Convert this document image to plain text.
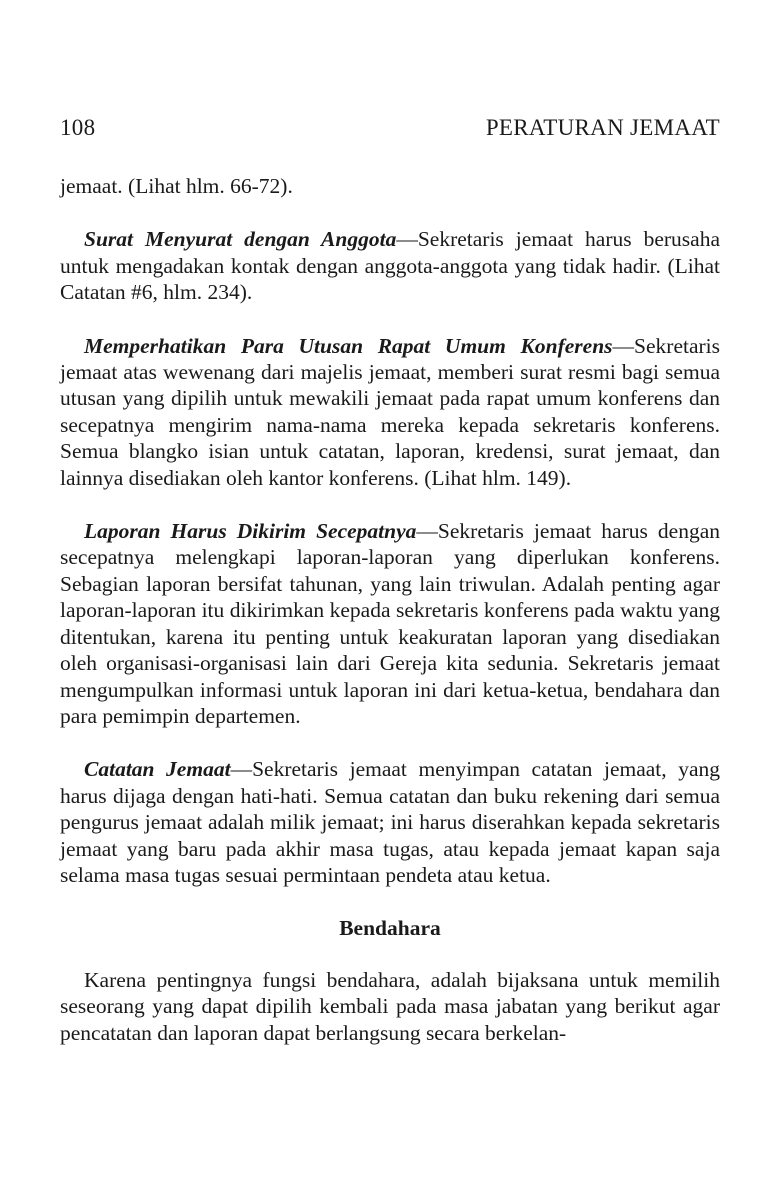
108	PERATURAN JEMAAT

jemaat. (Lihat hlm. 66-72).

Surat Menyurat dengan Anggota—Sekretaris jemaat harus berusaha untuk mengadakan kontak dengan anggota-anggota yang tidak hadir. (Lihat Catatan #6, hlm. 234).

Memperhatikan Para Utusan Rapat Umum Konferens—Sekretaris jemaat atas wewenang dari majelis jemaat, memberi surat resmi bagi semua utusan yang dipilih untuk mewakili jemaat pada rapat umum konferens dan secepatnya mengirim nama-nama mereka kepada sekretaris konferens. Semua blangko isian untuk catatan, laporan, kredensi, surat jemaat, dan lainnya disediakan oleh kantor konferens. (Lihat hlm. 149).

Laporan Harus Dikirim Secepatnya—Sekretaris jemaat harus dengan secepatnya melengkapi laporan-laporan yang diperlukan konferens. Sebagian laporan bersifat tahunan, yang lain triwulan. Adalah penting agar laporan-laporan itu dikirimkan kepada sekretaris konferens pada waktu yang ditentukan, karena itu penting untuk keakuratan laporan yang disediakan oleh organisasi-organisasi lain dari Gereja kita sedunia. Sekretaris jemaat mengumpulkan informasi untuk laporan ini dari ketua-ketua, bendahara dan para pemimpin departemen.

Catatan Jemaat—Sekretaris jemaat menyimpan catatan jemaat, yang harus dijaga dengan hati-hati. Semua catatan dan buku rekening dari semua pengurus jemaat adalah milik jemaat; ini harus diserahkan kepada sekretaris jemaat yang baru pada akhir masa tugas, atau kepada jemaat kapan saja selama masa tugas sesuai permintaan pendeta atau ketua.

Bendahara

Karena pentingnya fungsi bendahara, adalah bijaksana untuk memilih seseorang yang dapat dipilih kembali pada masa jabatan yang berikut agar pencatatan dan laporan dapat berlangsung secara berkelan-
